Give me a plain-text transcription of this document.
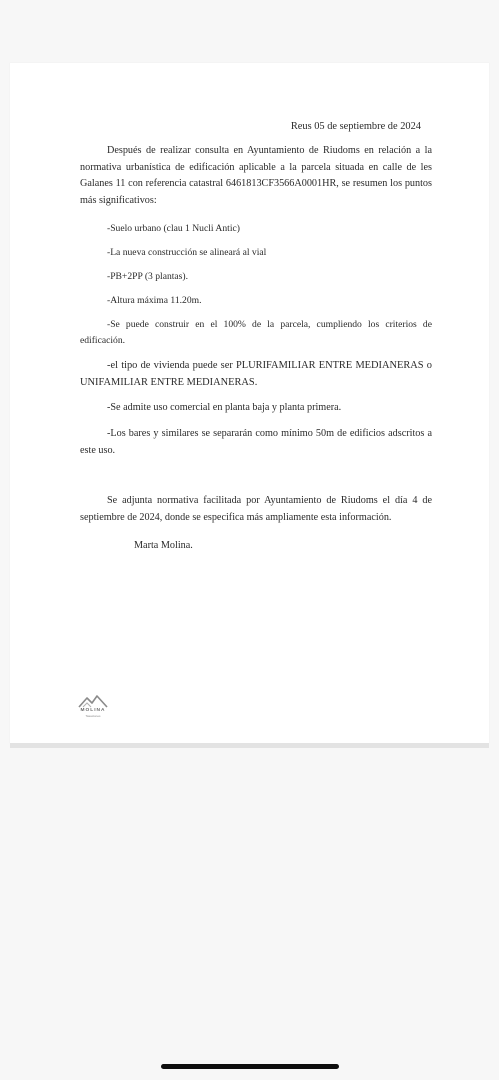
Reus 05 de septiembre de 2024

Después de realizar consulta en Ayuntamiento de Riudoms en relación a la normativa urbanística de edificación aplicable a la parcela situada en calle de les Galanes 11 con referencia catastral 6461813CF3566A0001HR, se resumen los puntos más significativos:

-Suelo urbano (clau 1 Nucli Antic)
-La nueva construcción se alineará al vial
-PB+2PP (3 plantas).
-Altura máxima 11.20m.

-Se puede construir en el 100% de la parcela, cumpliendo los criterios de edificación.

-el tipo de vivienda puede ser PLURIFAMILIAR ENTRE MEDIANERAS o UNIFAMILIAR ENTRE MEDIANERAS.

-Se admite uso comercial en planta baja y planta primera.

-Los bares y similares se separarán como mínimo 50m de edificios adscritos a este uso.

Se adjunta normativa facilitada por Ayuntamiento de Riudoms el día 4 de septiembre de 2024, donde se especifica más ampliamente esta información.

Marta Molina.
MOLINA
Tasaciones
